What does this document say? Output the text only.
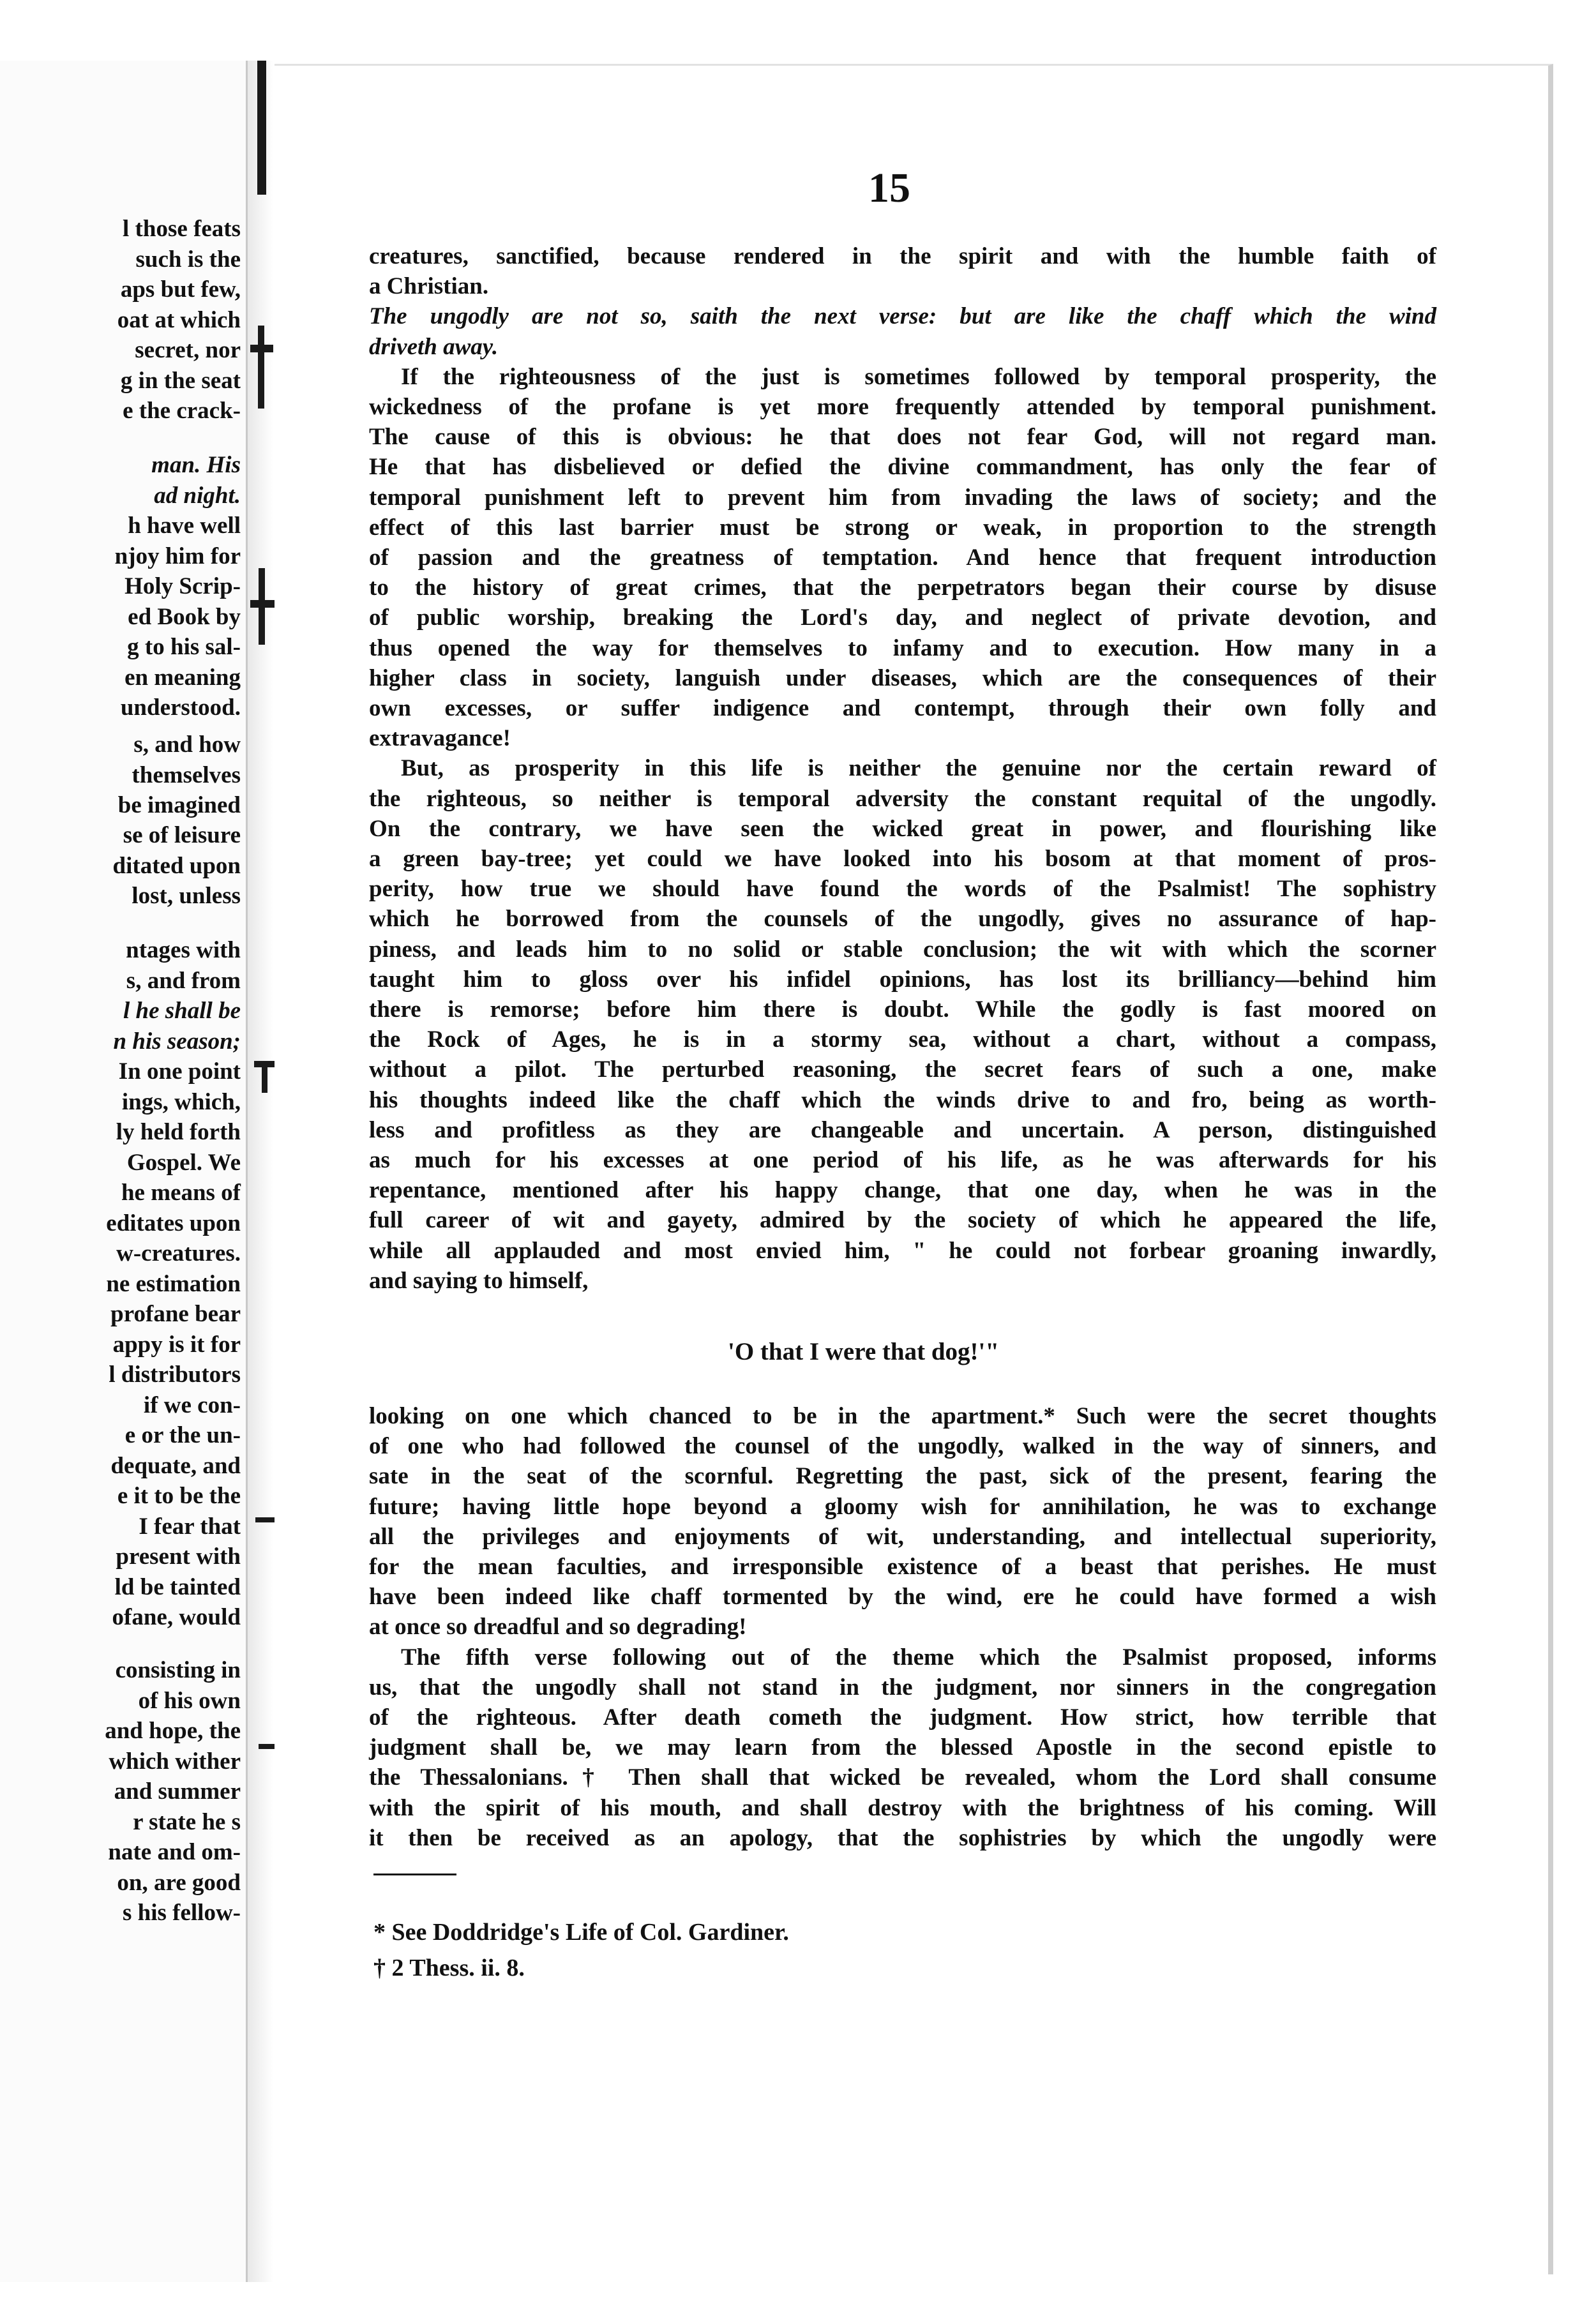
l those feats

such is the

aps but few,

oat at which

secret, nor

g in the seat

e the crack-

man. His

ad night.

h have well

njoy him for

Holy Scrip-

ed Book by

g to his sal-

en meaning

understood.

s, and how

themselves

be imagined

se of leisure

ditated upon

lost, unless

ntages with

s, and from

l he shall be

n his season;

In one point

ings, which,

ly held forth

Gospel. We

he means of

editates upon

w-creatures.

ne estimation

profane bear

appy is it for

l distributors

if we con-

e or the un-

dequate, and

e it to be the

I fear that

present with

ld be tainted

ofane, would

consisting in

of his own

and hope, the

which wither

and summer

r state he s

nate and om-

on, are good

s his fellow-

15

creatures, sanctified, because rendered in the spirit and with the humble faith of

a Christian.

The ungodly are not so, saith the next verse: but are like the chaff which the wind

driveth away.

If the righteousness of the just is sometimes followed by temporal prosperity, the

wickedness of the profane is yet more frequently attended by temporal punishment.

The cause of this is obvious: he that does not fear God, will not regard man.

He that has disbelieved or defied the divine commandment, has only the fear of

temporal punishment left to prevent him from invading the laws of society; and the

effect of this last barrier must be strong or weak, in proportion to the strength

of passion and the greatness of temptation. And hence that frequent introduction

to the history of great crimes, that the perpetrators began their course by disuse

of public worship, breaking the Lord's day, and neglect of private devotion, and

thus opened the way for themselves to infamy and to execution. How many in a

higher class in society, languish under diseases, which are the consequences of their

own excesses, or suffer indigence and contempt, through their own folly and

extravagance!

But, as prosperity in this life is neither the genuine nor the certain reward of

the righteous, so neither is temporal adversity the constant requital of the ungodly.

On the contrary, we have seen the wicked great in power, and flourishing like

a green bay-tree; yet could we have looked into his bosom at that moment of pros-

perity, how true we should have found the words of the Psalmist! The sophistry

which he borrowed from the counsels of the ungodly, gives no assurance of hap-

piness, and leads him to no solid or stable conclusion; the wit with which the scorner

taught him to gloss over his infidel opinions, has lost its brilliancy—behind him

there is remorse; before him there is doubt. While the godly is fast moored on

the Rock of Ages, he is in a stormy sea, without a chart, without a compass,

without a pilot. The perturbed reasoning, the secret fears of such a one, make

his thoughts indeed like the chaff which the winds drive to and fro, being as worth-

less and profitless as they are changeable and uncertain. A person, distinguished

as much for his excesses at one period of his life, as he was afterwards for his

repentance, mentioned after his happy change, that one day, when he was in the

full career of wit and gayety, admired by the society of which he appeared the life,

while all applauded and most envied him, " he could not forbear groaning inwardly,

and saying to himself,

looking on one which chanced to be in the apartment.* Such were the secret thoughts

of one who had followed the counsel of the ungodly, walked in the way of sinners, and

sate in the seat of the scornful. Regretting the past, sick of the present, fearing the

future; having little hope beyond a gloomy wish for annihilation, he was to exchange

all the privileges and enjoyments of wit, understanding, and intellectual superiority,

for the mean faculties, and irresponsible existence of a beast that perishes. He must

have been indeed like chaff tormented by the wind, ere he could have formed a wish

at once so dreadful and so degrading!

The fifth verse following out of the theme which the Psalmist proposed, informs

us, that the ungodly shall not stand in the judgment, nor sinners in the congregation

of the righteous. After death cometh the judgment. How strict, how terrible that

judgment shall be, we may learn from the blessed Apostle in the second epistle to

the Thessalonians.† Then shall that wicked be revealed, whom the Lord shall consume

with the spirit of his mouth, and shall destroy with the brightness of his coming. Will

it then be received as an apology, that the sophistries by which the ungodly were

'O that I were that dog!'"

* See Doddridge's Life of Col. Gardiner.

† 2 Thess. ii. 8.
